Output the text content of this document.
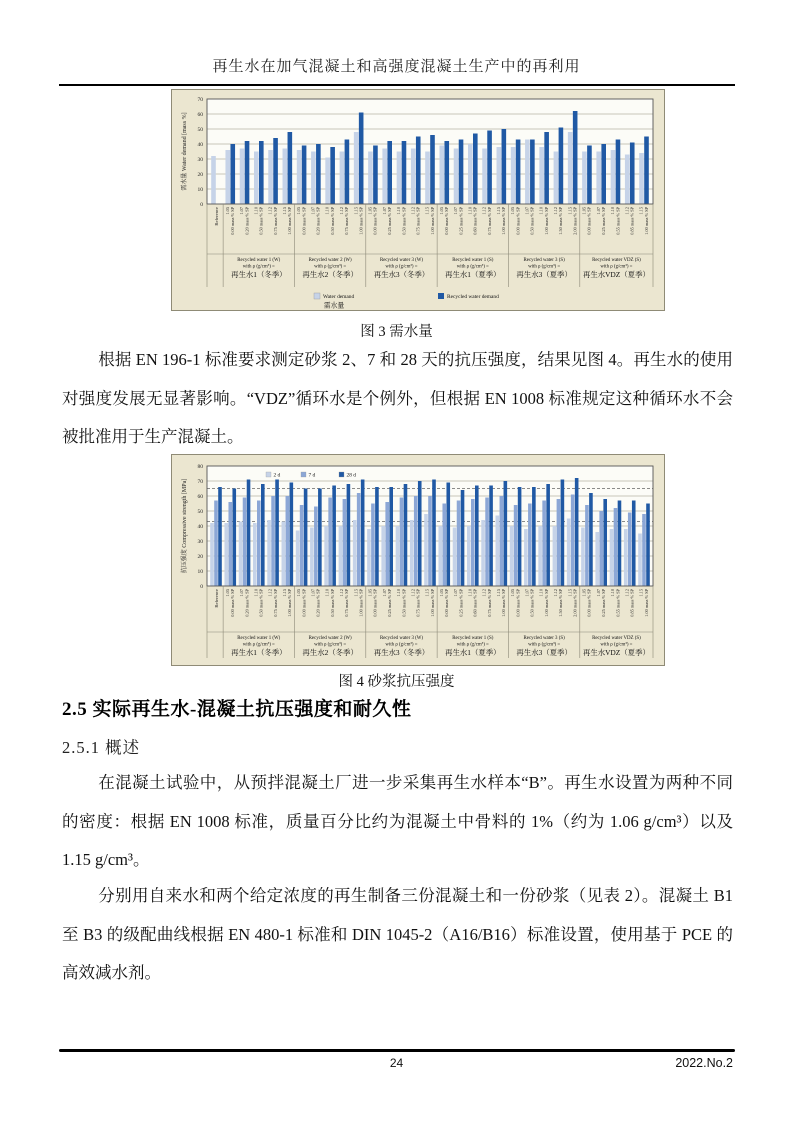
再生水在加气混凝土和高强度混凝土生产中的再利用
0
10
20
30
40
50
60
70
Reference 1.05 0.00 mass % SP 1.07 0.20 mass % SP 1.10 0.50 mass % SP 1.12 0.75 mass % SP 1.15 1.00 mass % SP 1.05 0.00 mass % SP 1.07 0.20 mass % SP 1.10 0.50 mass % SP 1.12 0.75 mass % SP 1.15 1.00 mass % SP 1.05 0.00 mass % SP 1.07 0.25 mass % SP 1.10 0.50 mass % SP 1.12 0.75 mass % SP 1.15 1.00 mass % SP 1.05 0.00 mass % SP 1.07 0.25 mass % SP 1.10 0.60 mass % SP 1.12 0.75 mass % SP 1.15 1.00 mass % SP 1.05 0.00 mass % SP 1.07 0.50 mass % SP 1.10 1.00 mass % SP 1.12 1.50 mass % SP 1.15 2.00 mass % SP 1.05 0.00 mass % SP 1.07 0.25 mass % SP 1.10 0.55 mass % SP 1.12 0.85 mass % SP 1.15 1.00 mass % SP
Recycled water 1 (W)
with ρ (g/cm³) =
再生水1（冬季）
Recycled water 2 (W)
with ρ (g/cm³) =
再生水2（冬季）
Recycled water 3 (W)
with ρ (g/cm³) =
再生水3（冬季）
Recycled water 1 (S)
with ρ (g/cm³) =
再生水1（夏季）
Recycled water 3 (S)
with ρ (g/cm³) =
再生水3（夏季）
Recycled water VDZ (S)
with ρ (g/cm³) =
再生水VDZ（夏季）
需水量 Water demand [mass %]
Water demand
需水量
Recycled water demand
图 3 需水量
根据 EN 196-1 标准要求测定砂浆 2、7 和 28 天的抗压强度，结果见图 4。再生水的使用对强度发展无显著影响。“VDZ”循环水是个例外，但根据 EN 1008 标准规定这种循环水不会被批准用于生产混凝土。
0
10
20
30
40
50
60
70
80
Reference 1.05 0.00 mass % SP 1.07 0.20 mass % SP 1.10 0.50 mass % SP 1.12 0.75 mass % SP 1.15 1.00 mass % SP 1.05 0.00 mass % SP 1.07 0.20 mass % SP 1.10 0.50 mass % SP 1.12 0.75 mass % SP 1.15 1.00 mass % SP 1.05 0.00 mass % SP 1.07 0.25 mass % SP 1.10 0.50 mass % SP 1.12 0.75 mass % SP 1.15 1.00 mass % SP 1.05 0.00 mass % SP 1.07 0.25 mass % SP 1.10 0.60 mass % SP 1.12 0.75 mass % SP 1.15 1.00 mass % SP 1.05 0.00 mass % SP 1.07 0.50 mass % SP 1.10 1.00 mass % SP 1.12 1.50 mass % SP 1.15 2.00 mass % SP 1.05 0.00 mass % SP 1.07 0.25 mass % SP 1.10 0.55 mass % SP 1.12 0.85 mass % SP 1.15 1.00 mass % SP
Recycled water 1 (W)
with ρ (g/cm³) =
再生水1（冬季）
Recycled water 2 (W)
with ρ (g/cm³) =
再生水2（冬季）
Recycled water 3 (W)
with ρ (g/cm³) =
再生水3（冬季）
Recycled water 1 (S)
with ρ (g/cm³) =
再生水1（夏季）
Recycled water 3 (S)
with ρ (g/cm³) =
再生水3（夏季）
Recycled water VDZ (S)
with ρ (g/cm³) =
再生水VDZ（夏季）
抗压强度 Compressive strength [MPa]
2 d	7 d	28 d
图 4 砂浆抗压强度
2.5 实际再生水-混凝土抗压强度和耐久性
2.5.1 概述
在混凝土试验中，从预拌混凝土厂进一步采集再生水样本“B”。再生水设置为两种不同的密度：根据 EN 1008 标准，质量百分比约为混凝土中骨料的 1%（约为 1.06 g/cm³）以及 1.15 g/cm³。
分别用自来水和两个给定浓度的再生制备三份混凝土和一份砂浆（见表 2）。混凝土 B1 至 B3 的级配曲线根据 EN 480-1 标准和 DIN 1045-2（A16/B16）标准设置，使用基于 PCE 的高效减水剂。
24	2022.No.2
